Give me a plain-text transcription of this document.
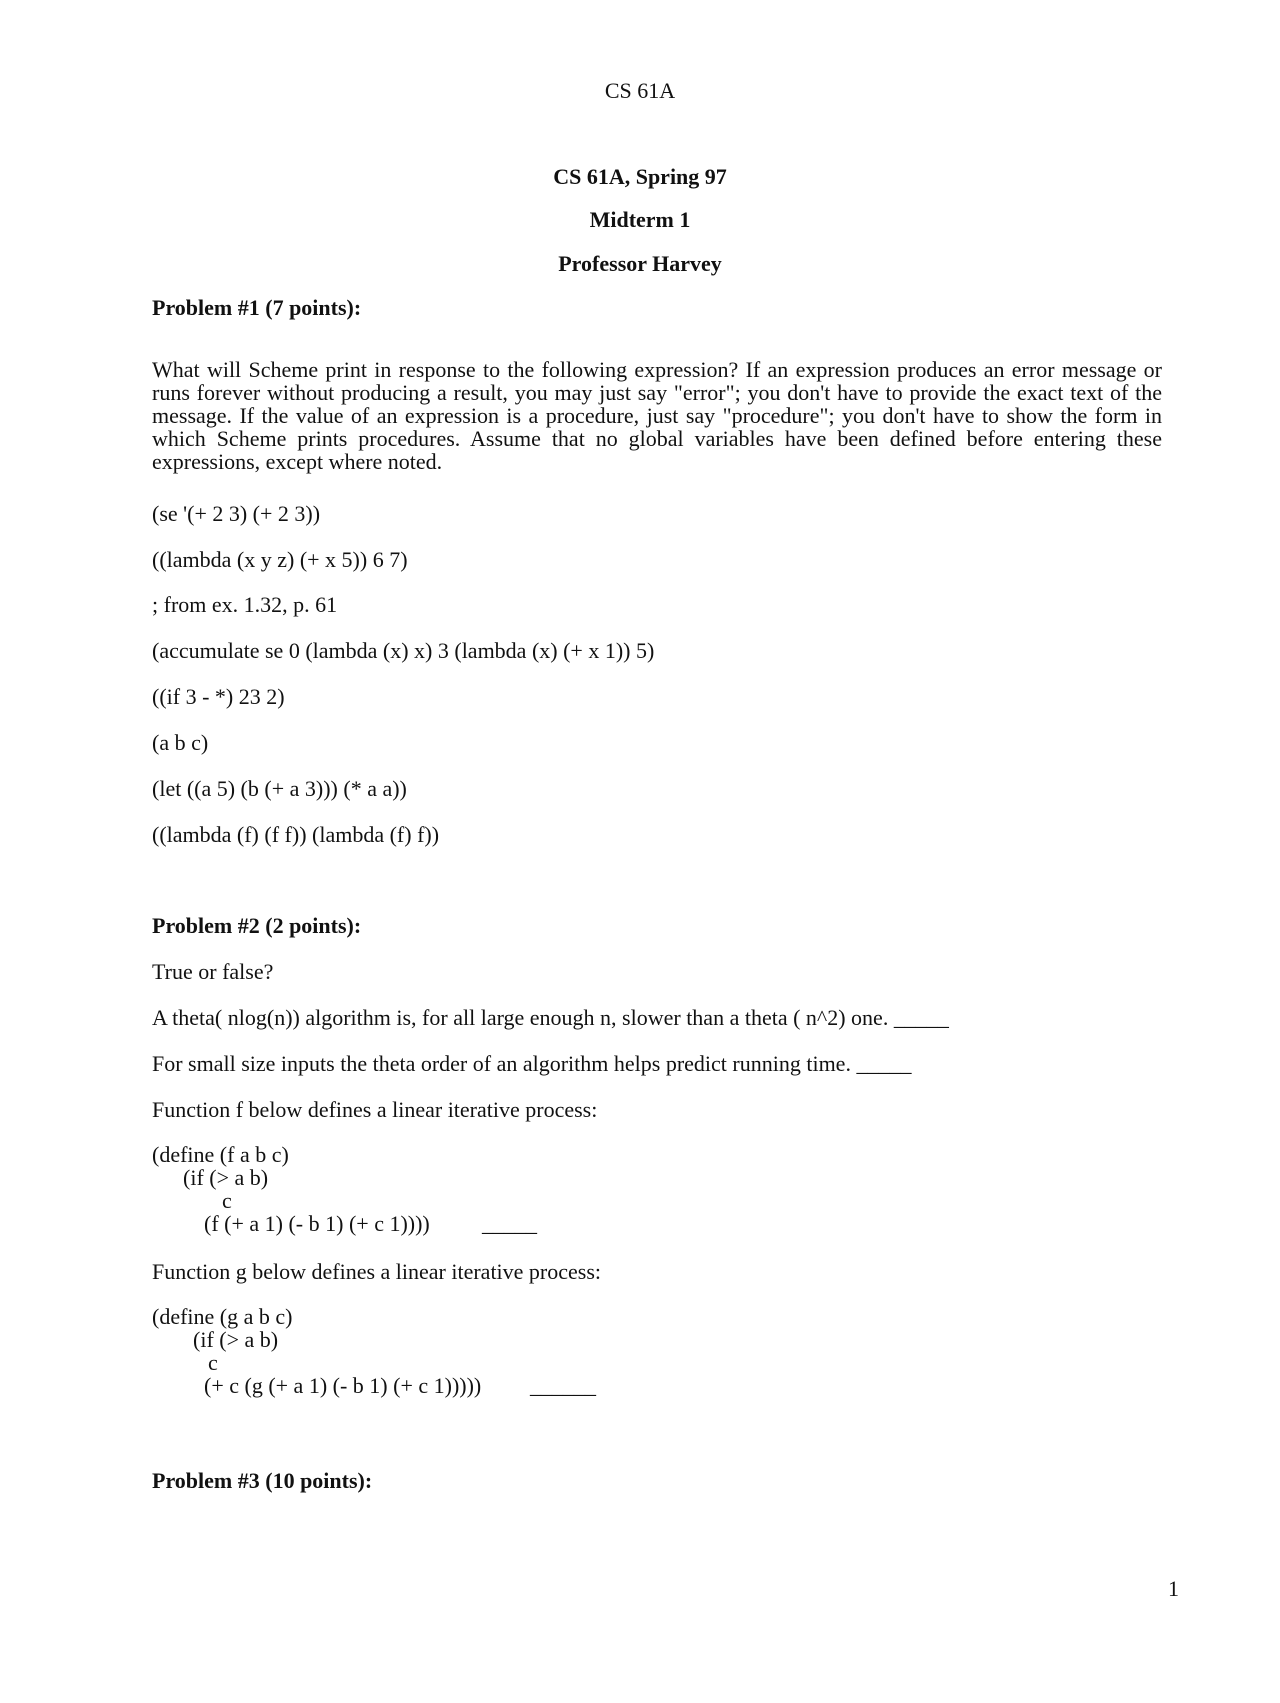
CS 61A

CS 61A, Spring 97

Midterm 1

Professor Harvey

Problem #1 (7 points):

What will Scheme print in response to the following expression? If an expression produces an error message or runs forever without producing a result, you may just say "error"; you don't have to provide the exact text of the message. If the value of an expression is a procedure, just say "procedure"; you don't have to show the form in which Scheme prints procedures. Assume that no global variables have been defined before entering these expressions, except where noted.

(se '(+ 2 3) (+ 2 3))

((lambda (x y z) (+ x 5)) 6 7)

; from ex. 1.32, p. 61

(accumulate se 0 (lambda (x) x) 3 (lambda (x) (+ x 1)) 5)

((if 3 - *) 23 2)

(a b c)

(let ((a 5) (b (+ a 3))) (* a a))

((lambda (f) (f f)) (lambda (f) f))

Problem #2 (2 points):

True or false?

A theta( nlog(n)) algorithm is, for all large enough n, slower than a theta ( n^2) one. _____

For small size inputs the theta order of an algorithm helps predict running time. _____

Function f below defines a linear iterative process:

(define (f a b c)

(if (> a b)

c

(f (+ a 1) (- b 1) (+ c 1)))) _____

Function g below defines a linear iterative process:

(define (g a b c)

(if (> a b)

c

(+ c (g (+ a 1) (- b 1) (+ c 1))))) ______

Problem #3 (10 points):

1
